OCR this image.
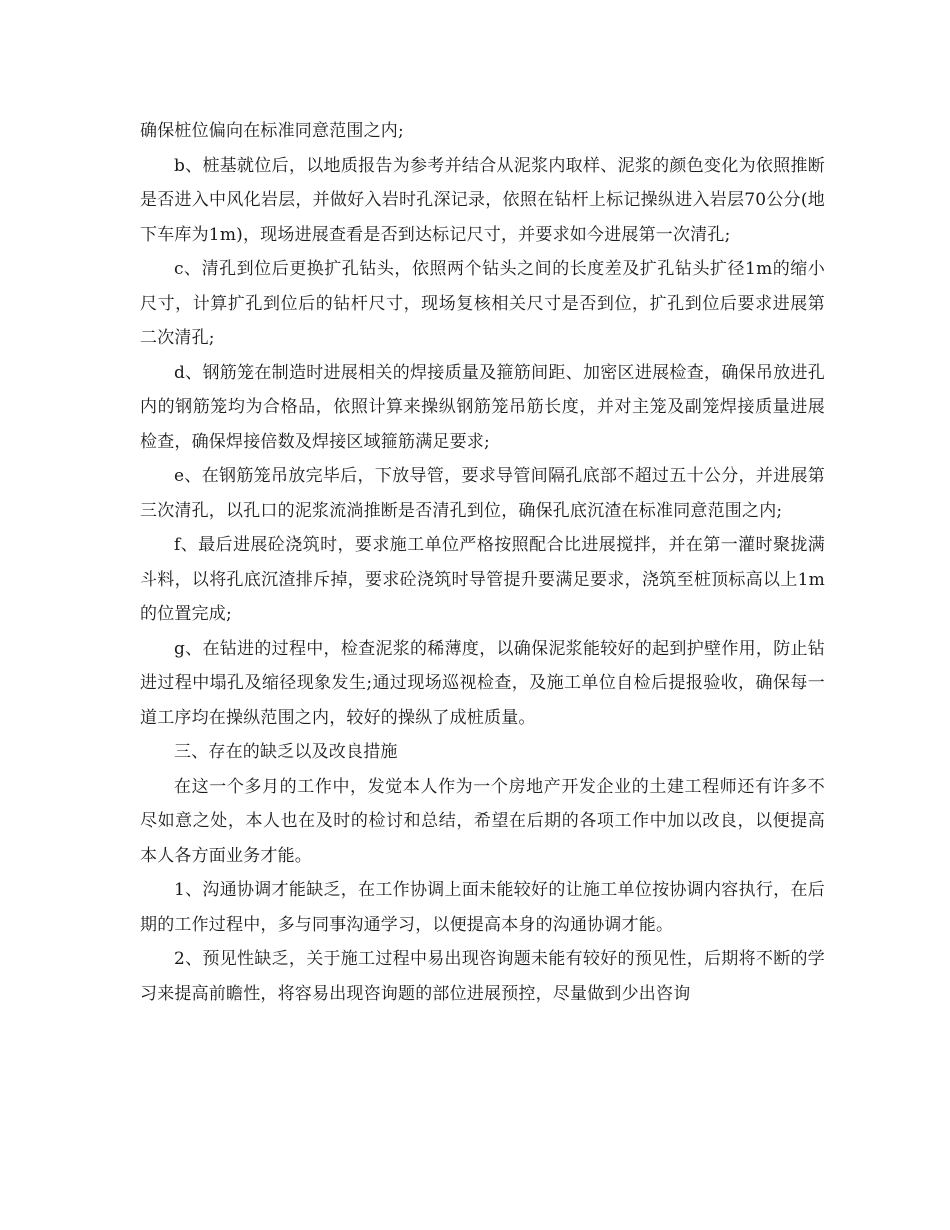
确保桩位偏向在标准同意范围之内;

b、桩基就位后，以地质报告为参考并结合从泥浆内取样、泥浆的颜色变化为依照推断是否进入中风化岩层，并做好入岩时孔深记录，依照在钻杆上标记操纵进入岩层70公分(地下车库为1m)，现场进展查看是否到达标记尺寸，并要求如今进展第一次清孔;

c、清孔到位后更换扩孔钻头，依照两个钻头之间的长度差及扩孔钻头扩径1m的缩小尺寸，计算扩孔到位后的钻杆尺寸，现场复核相关尺寸是否到位，扩孔到位后要求进展第二次清孔;

d、钢筋笼在制造时进展相关的焊接质量及箍筋间距、加密区进展检查，确保吊放进孔内的钢筋笼均为合格品，依照计算来操纵钢筋笼吊筋长度，并对主笼及副笼焊接质量进展检查，确保焊接倍数及焊接区域箍筋满足要求;

e、在钢筋笼吊放完毕后，下放导管，要求导管间隔孔底部不超过五十公分，并进展第三次清孔，以孔口的泥浆流淌推断是否清孔到位，确保孔底沉渣在标准同意范围之内;

f、最后进展砼浇筑时，要求施工单位严格按照配合比进展搅拌，并在第一灌时聚拢满斗料，以将孔底沉渣排斥掉，要求砼浇筑时导管提升要满足要求，浇筑至桩顶标高以上1m的位置完成;

g、在钻进的过程中，检查泥浆的稀薄度，以确保泥浆能较好的起到护壁作用，防止钻进过程中塌孔及缩径现象发生;通过现场巡视检查，及施工单位自检后提报验收，确保每一道工序均在操纵范围之内，较好的操纵了成桩质量。

三、存在的缺乏以及改良措施

在这一个多月的工作中，发觉本人作为一个房地产开发企业的土建工程师还有许多不尽如意之处，本人也在及时的检讨和总结，希望在后期的各项工作中加以改良，以便提高本人各方面业务才能。

1、沟通协调才能缺乏，在工作协调上面未能较好的让施工单位按协调内容执行，在后期的工作过程中，多与同事沟通学习，以便提高本身的沟通协调才能。

2、预见性缺乏，关于施工过程中易出现咨询题未能有较好的预见性，后期将不断的学习来提高前瞻性，将容易出现咨询题的部位进展预控，尽量做到少出咨询
